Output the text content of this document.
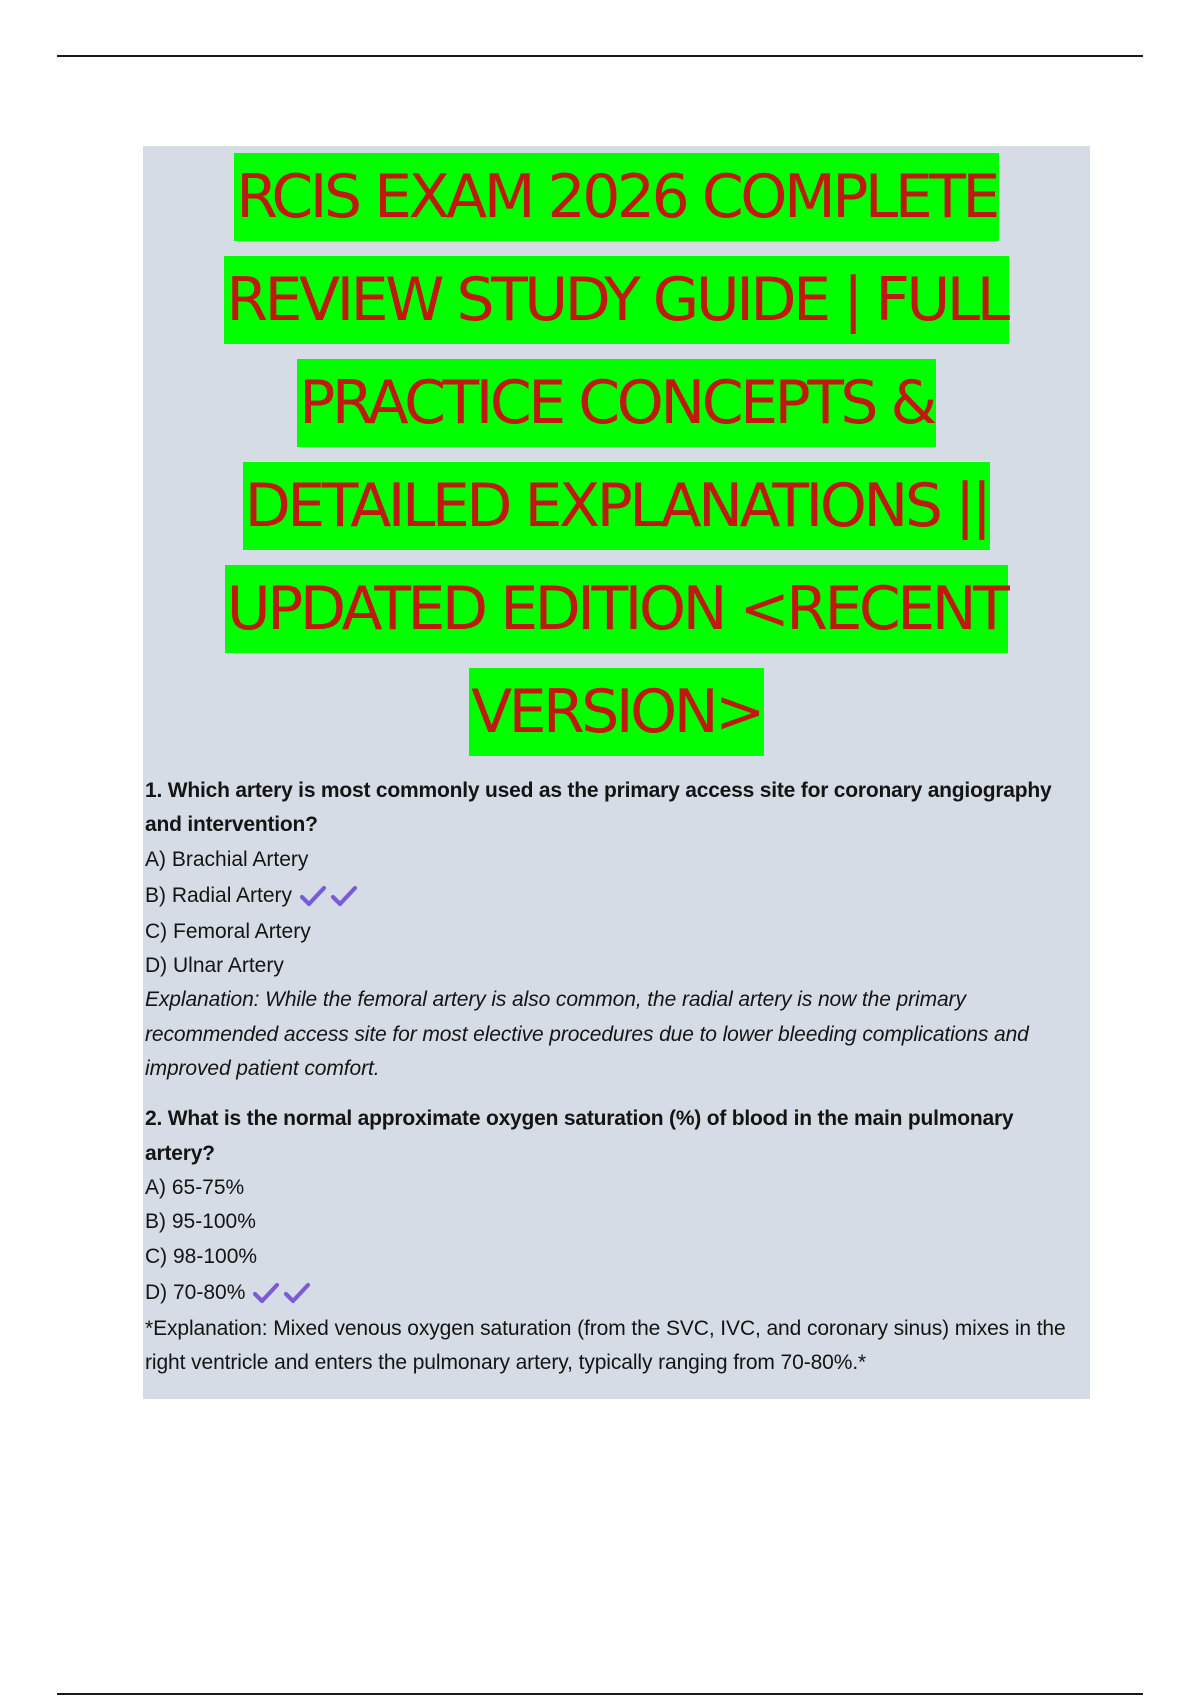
RCIS EXAM 2026 COMPLETE
REVIEW STUDY GUIDE | FULL
PRACTICE CONCEPTS &
DETAILED EXPLANATIONS ||
UPDATED EDITION <RECENT
VERSION>
1. Which artery is most commonly used as the primary access site for coronary angiography and intervention?
A) Brachial Artery
B) Radial Artery
C) Femoral Artery
D) Ulnar Artery
Explanation: While the femoral artery is also common, the radial artery is now the primary recommended access site for most elective procedures due to lower bleeding complications and improved patient comfort.
2. What is the normal approximate oxygen saturation (%) of blood in the main pulmonary artery?
A) 65-75%
B) 95-100%
C) 98-100%
D) 70-80%
*Explanation: Mixed venous oxygen saturation (from the SVC, IVC, and coronary sinus) mixes in the right ventricle and enters the pulmonary artery, typically ranging from 70-80%.*
